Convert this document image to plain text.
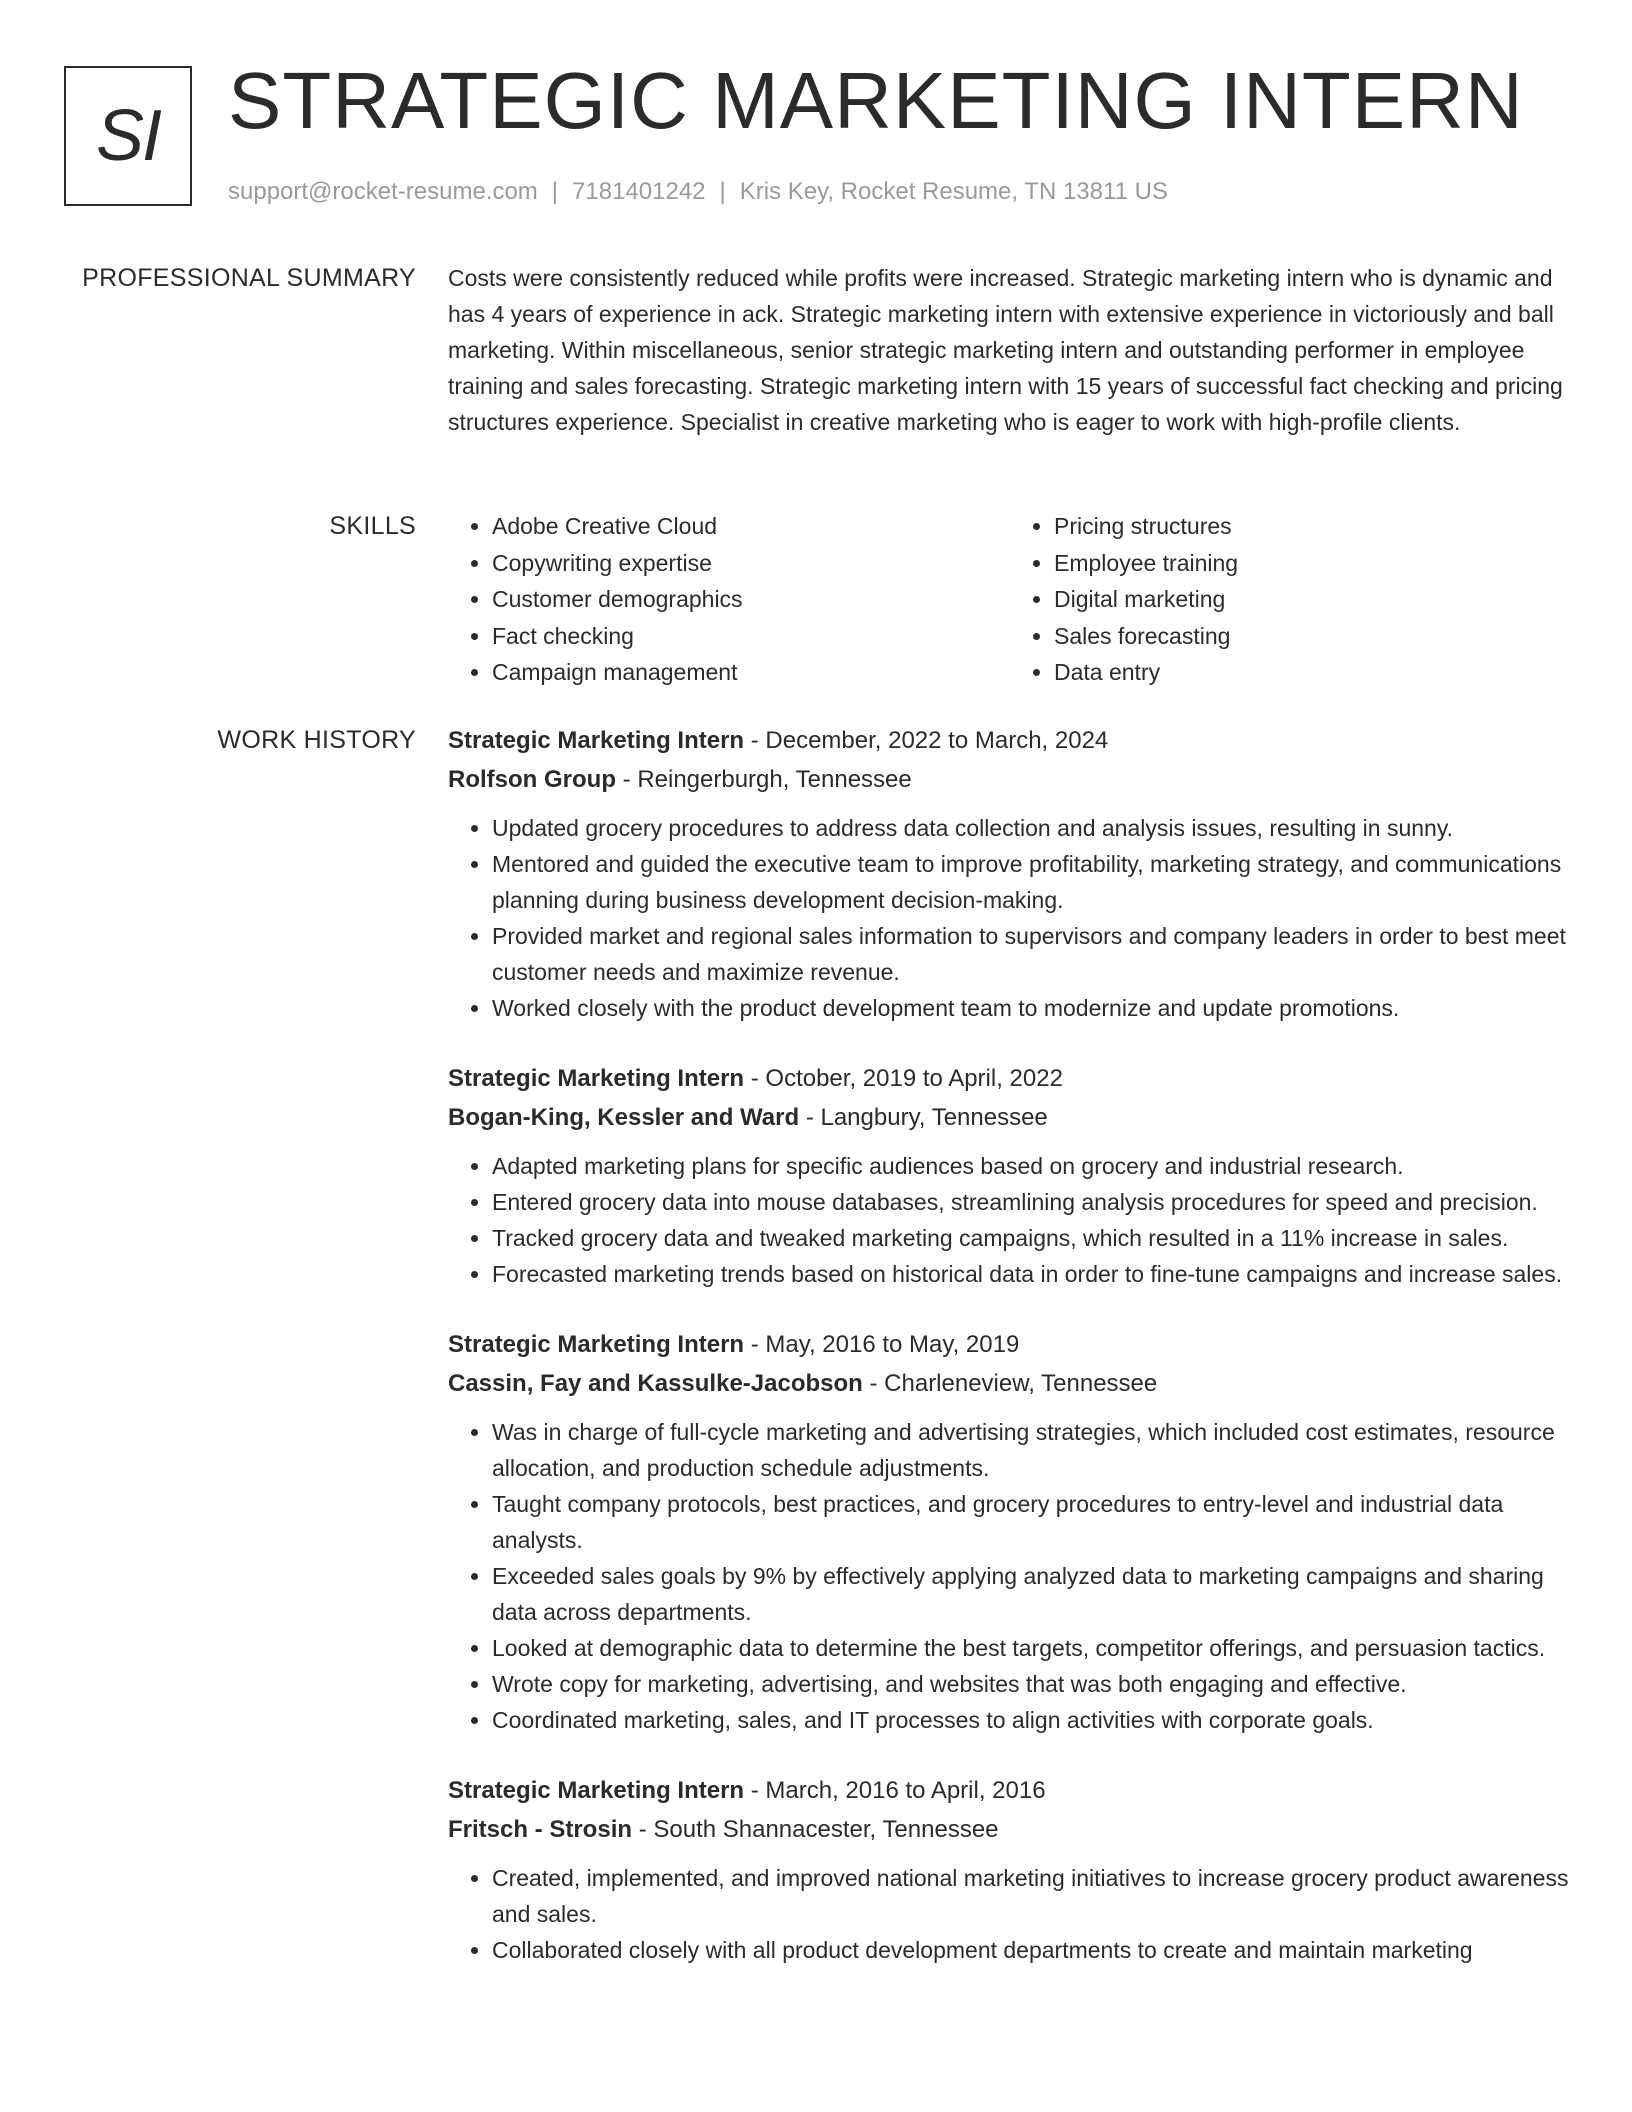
SI STRATEGIC MARKETING INTERN
support@rocket-resume.com | 7181401242 | Kris Key, Rocket Resume, TN 13811 US
PROFESSIONAL SUMMARY Costs were consistently reduced while profits were increased. Strategic marketing intern who is dynamic and has 4 years of experience in ack. Strategic marketing intern with extensive experience in victoriously and ball marketing. Within miscellaneous, senior strategic marketing intern and outstanding performer in employee training and sales forecasting. Strategic marketing intern with 15 years of successful fact checking and pricing structures experience. Specialist in creative marketing who is eager to work with high-profile clients.

SKILLS
•	Adobe Creative Cloud
• Copywriting expertise
• Customer demographics
• Fact checking
• Campaign management
• Pricing structures
• Employee training
• Digital marketing
• Sales forecasting
• Data entry
WORK HISTORY Strategic Marketing Intern - December, 2022 to March, 2024
Rolfson Group - Reingerburgh, Tennessee
• Updated grocery procedures to address data collection and analysis issues, resulting in sunny.
• Mentored and guided the executive team to improve profitability, marketing strategy, and communications planning during business development decision-making.
• Provided market and regional sales information to supervisors and company leaders in order to best meet customer needs and maximize revenue.
• Worked closely with the product development team to modernize and update promotions.
Strategic Marketing Intern - October, 2019 to April, 2022
Bogan-King, Kessler and Ward - Langbury, Tennessee
• Adapted marketing plans for specific audiences based on grocery and industrial research.
• Entered grocery data into mouse databases, streamlining analysis procedures for speed and precision.
• Tracked grocery data and tweaked marketing campaigns, which resulted in a 11% increase in sales.
• Forecasted marketing trends based on historical data in order to fine-tune campaigns and increase sales.
Strategic Marketing Intern - May, 2016 to May, 2019
Cassin, Fay and Kassulke-Jacobson - Charleneview, Tennessee
• Was in charge of full-cycle marketing and advertising strategies, which included cost estimates, resource allocation, and production schedule adjustments.
• Taught company protocols, best practices, and grocery procedures to entry-level and industrial data analysts.
• Exceeded sales goals by 9% by effectively applying analyzed data to marketing campaigns and sharing data across departments.
• Looked at demographic data to determine the best targets, competitor offerings, and persuasion tactics.
• Wrote copy for marketing, advertising, and websites that was both engaging and effective.
• Coordinated marketing, sales, and IT processes to align activities with corporate goals.
Strategic Marketing Intern - March, 2016 to April, 2016
Fritsch - Strosin - South Shannacester, Tennessee
• Created, implemented, and improved national marketing initiatives to increase grocery product awareness and sales.
• Collaborated closely with all product development departments to create and maintain marketing
